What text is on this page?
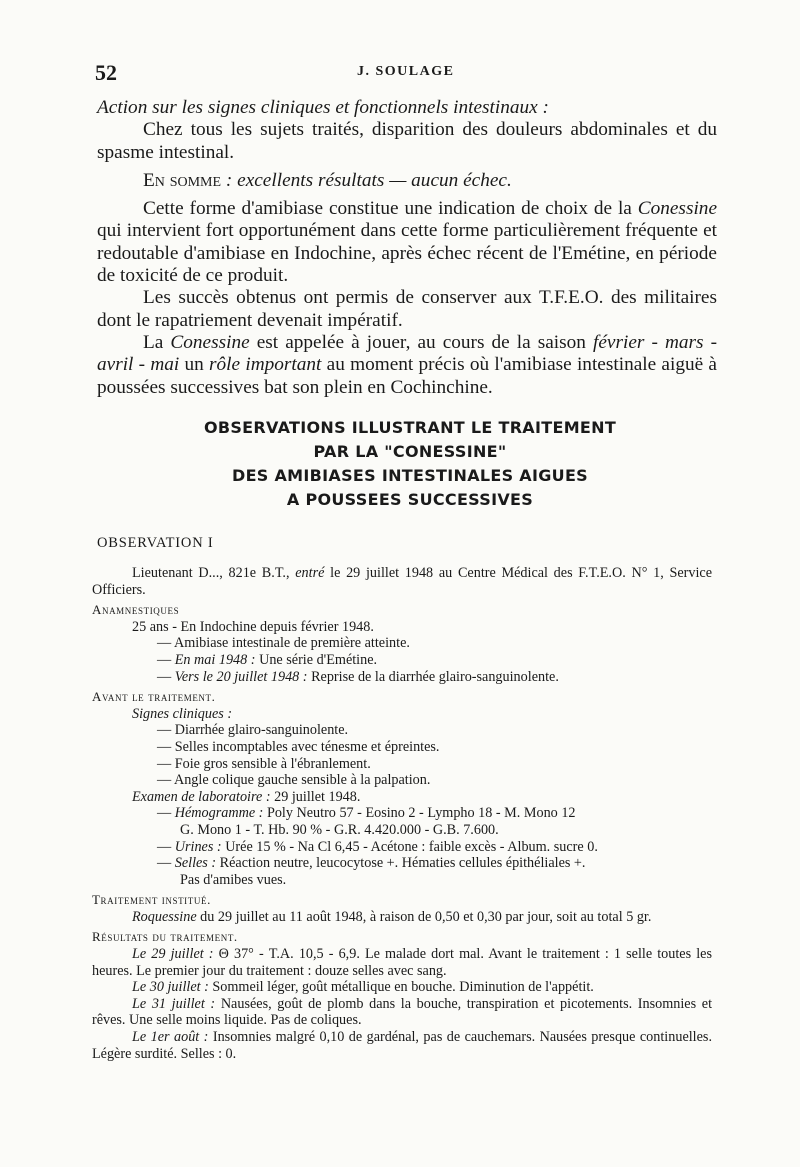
52	J. SOULAGE

Action sur les signes cliniques et fonctionnels intestinaux :

Chez tous les sujets traités, disparition des douleurs abdominales et du spasme intestinal.

En somme : excellents résultats — aucun échec.

Cette forme d'amibiase constitue une indication de choix de la Conessine qui intervient fort opportunément dans cette forme particulièrement fréquente et redoutable d'amibiase en Indochine, après échec récent de l'Emétine, en période de toxicité de ce produit.

Les succès obtenus ont permis de conserver aux T.F.E.O. des militaires dont le rapatriement devenait impératif.

La Conessine est appelée à jouer, au cours de la saison février - mars - avril - mai un rôle important au moment précis où l'amibiase intestinale aiguë à poussées successives bat son plein en Cochinchine.

OBSERVATIONS ILLUSTRANT LE TRAITEMENT
PAR LA "CONESSINE"
DES AMIBIASES INTESTINALES AIGUES
A POUSSEES SUCCESSIVES
OBSERVATION I

Lieutenant D..., 821e B.T., entré le 29 juillet 1948 au Centre Médical des F.T.E.O. N° 1, Service Officiers.

Anamnestiques

25 ans - En Indochine depuis février 1948.

— Amibiase intestinale de première atteinte.

— En mai 1948 : Une série d'Emétine.

— Vers le 20 juillet 1948 : Reprise de la diarrhée glairo-sanguinolente.

Avant le traitement.

Signes cliniques :

— Diarrhée glairo-sanguinolente.

— Selles incomptables avec ténesme et épreintes.

— Foie gros sensible à l'ébranlement.

— Angle colique gauche sensible à la palpation.

Examen de laboratoire : 29 juillet 1948.

— Hémogramme : Poly Neutro 57 - Eosino 2 - Lympho 18 - M. Mono 12

G. Mono 1 - T. Hb. 90 % - G.R. 4.420.000 - G.B. 7.600.

— Urines : Urée 15 % - Na Cl 6,45 - Acétone : faible excès - Album. sucre 0.

— Selles : Réaction neutre, leucocytose +. Hématies cellules épithéliales +.

Pas d'amibes vues.

Traitement institué.

Roquessine du 29 juillet au 11 août 1948, à raison de 0,50 et 0,30 par jour, soit au total 5 gr.

Résultats du traitement.

Le 29 juillet : Θ 37° - T.A. 10,5 - 6,9. Le malade dort mal. Avant le traitement : 1 selle toutes les heures. Le premier jour du traitement : douze selles avec sang.

Le 30 juillet : Sommeil léger, goût métallique en bouche. Diminution de l'appétit.

Le 31 juillet : Nausées, goût de plomb dans la bouche, transpiration et picotements. Insomnies et rêves. Une selle moins liquide. Pas de coliques.

Le 1er août : Insomnies malgré 0,10 de gardénal, pas de cauchemars. Nausées presque continuelles. Légère surdité. Selles : 0.
